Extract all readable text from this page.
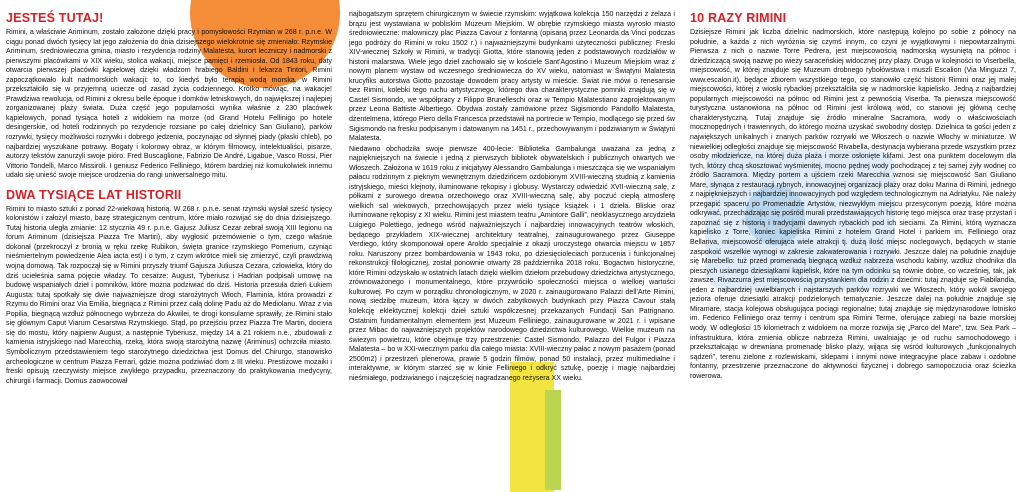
JESTEŚ TUTAJ!

Rimini, a właściwie Ariminum, zostało założone dzięki pracy i pomysłowości Rzymian w 268 r. p.n.e. W ciągu ponad dwóch tysięcy lat jego założenia do dnia dzisiejszego wielokrotnie się zmieniało: Rzymskie Ariminum, średniowieczna gmina, miasto i rezydencja rodziny Malatesta, kurort leczniczy i nadmorski z pierwszymi placówkami w XIX wieku, stolica wakacji, miejsce pamięci i rzemiosła. Od 1843 roku, daty otwarcia pierwszej placówki kąpielowej dzięki władzom hrabiego Baldini i lekarza Tintori, Rimini zapoczątkowało kult nadmorskich wakacji: to, co kiedyś było terapią wodą morską, w Rimini przekształciło się w przyjemną uciecze od zasad życia codziennego. Krótko mówiąc, na wakacje! Prawdziwa rewolucja, od Rimini z okresu belle époque i domków letniskowych, do największej i najlepiej zorganizowanej plaży świata. Duża część jego popularności wynika właśnie z 230 placówek kąpielowych, ponad tysiąca hoteli z widokiem na morze (od Grand Hotelu Fellinigo po hotele desingerskie, od hoteli rodzinnych po rezydencje rozsiane po całej dzielnicy San Giuliano), parków rozrywki, tysięcy możliwości rozrywki i dobrego jedzenia, poczynając od słynnej piady (płaski chleb), po najbardziej wyszukane potrawy. Bogaty i kolorowy obraz, w którym filmowcy, intelektualiści, pisarze, autorzy tekstów zanurzyli swoje pióro. Fred Buscaglione, Fabrizio De André, Ligabue, Vasco Rossi, Pier Vittorio Tondelli, Marco Missiroli. I geniusz Federico Felliniego, którem bardziej niż komukolwiek innemu udało się unieść swoje miejsce urodzenia do rangi uniwersalnego mitu.

DWA TYSIĄCE LAT HISTORII

Rimini to miasto sztuki z ponad 22-wiekową historią. W 268 r. p.n.e. senat rzymski wysłał sześć tysięcy kolonistów i założył miasto, bazę strategicznym centrum, które miało rozwijać się do dnia dzisiejszego. Tutaj historia uległa zmianie: 12 stycznia 49 r. p.n.e. Gajusz Juliusz Cezar zebrał swoją XIII legionu na forum Ariminum (dzisiejsza Piazza Tre Martiri), aby wygłosić przemówienie o tym, czego właśnie dokonał (przekroczył z bronią w ręku rzekę Rubikon, święta granice rzymskiego Pomerium, czyniąc nieśmiertelnym powiedzenie Alea iacta est) i o tym, z czym wkrótce mieli się zmierzyć, czyli prawdziwą wojną domową. Tak rozpoczął się w Rimini przyszły triumf Gajusza Juliusza Cezara, człowieka, który do dziś uciełeśnia sama pojęcie władzy. To cesarze: August, Tyberiusz i Hadrian podpisali umowę na budowę wspaniałych dzieł i pomników, które można podziwiać do dziś. Historia przesuła dzień Łukiem Augusta: tutaj spotkały się dwie najważniejsze drogi starożytnych Włoch, Flaminia, która prowadzi z Rzymu do Rimini oraz Via Emilia, biegnąca z Rimini przez całą dolinę Padu aż do Mediolanu. Wraz z via Popilia, biegnącą wzdłuż północnego wybrzeża do Akwilei, te drogi konsularne sprawiły, że Rimini stało się głównym Caput Viarum Cesarstwa Rzymskiego. Stąd, po przejściu przez Piazza Tre Martiri, dociera się do mostu, który najpierw August, a następnie Tyberiusz, między 14 a 21 rokiem n.e., zbudowali z kamienia istryjskiego nad Marecchią, rzeką, która swoją starożytną nazwę (Ariminus) ochrzciła miasto. Symbolicznym przedstawieniem tego starożytnego dziedzictwa jest Domus del Chirurgo, stanowisko archeologiczne w centrum Piazza Ferrari, gdzie można podziwiać dom z III wieku. Prestiżowe mozaiki i freski opisują rzeczywisty miejsce zwykłego przypadku, przeznaczony do praktykowania medycyny, chirurgii i farmacji. Domus zaowocował

najbogatszym sprzętem chirurgicznym w świecie rzymskim: wyjątkowa kolekcja 150 narzędzi z żelaza i brązu jest wystawiana w pobliskim Muzeum Miejskim. W obrębie rzymskiego miasta wyrosło miasto średniowieczne: malowniczy plac Piazza Cavour z fontanną (opisaną przez Leonarda da Vinci podczas jego podróży do Rimini w roku 1502 r.) i najważniejszymi budynkami użyteczności publicznej: Freski XIV-wiecznej Szkoły w Rimini, w tradycji Giotta, które stanowią jeden z podstawowych rozdziałów w historii malarstwa. Wiele jego dzieł zachowało się w kościele Sant'Agostino i Muzeum Miejskim wraz z nowym planem wystaw od wczesnego średniowiecza do XV wieku, natomiast w Świątyni Malatesta krucyfiks autorstwa Giotto pozostaje dowodem pracy artysty w mieście. Świat nie mówi o renesansie bez Rimini, kolebki tego ruchu artystycznego, którego dwa charakterystyczne pomniki znajdują się w Castel Sismondo, we współpracy z Filippo Brunelleschi oraz w Tempio Malatestiano zaprojektowanym przez Leona Battiste Albertiego. Obydwa zostały zamówione przez Sigismondo Pandolfo Malatesta, dżentelmena, którego Piero della Francesca przedstawił na portrecie w Tempio, modlącego się przed św Sigismondo na fresku podpisanym i datowanym na 1451 r., przechowywanym i podziwianym w Świątyni Malatesta.

Niedawno obchodziła swoje pierwsze 400-lecie: Biblioteka Gambalunga uważana za jedną z najpiękniejszych na świecie i jedną z pierwszych bibliotek obywatelskich i publicznych otwartych we Włoszech. Założona w 1619 roku z inicjatywy Alessandro Gambalunga i mieszcząca się we wspaniałym pałacu rodzinnym z pięknym wewnętrznym dziedzińcem ozdobionym XVIII-wieczną studnią z kamienia istryjskiego, mieści klejnoty, iluminowane rękopisy i globusy. Wystarczy odwiedzić XVII-wieczną salę, z półkami z surowego drewna orzechowego oraz XVIII-wieczną salę, aby poczuć ciepłą atmosferę wielkich sal wiekowych, przechowujących przez wieki tysiące książek i 1 dzieła. Bliskie oraz iluminowane rękopisy z XI wieku. Rimini jest miastem teatru „Amintore Galli”, neoklasycznego arcydzieła Luigiego Polettiego, jednego wśród najważniejszych i najbardziej innowacyjnych teatrów włoskich, będącego przykładem XIX-wiecznej architektury teatralnej, zainaugurowanego przez Giuseppe Verdiego, który skomponował opere Aroldo specjalnie z okazji uroczystego otwarcia miejscu w 1857 roku. Naruszony przez bombardowania w 1943 roku, po dziesięcioleciach porzucenia i funkcjonalnej rekonstrukcji filologicznej, został ponownie otwarty 28 października 2018 roku. Bogactwo historyczne, które Rimini odzyskało w ostatnich latach dzięki wielkim dziełom przebudowy dziedzictwa artystycznego, zrównoważonego i monumentalnego, które przywróciło społeczności miejsca o wielkiej wartości kulturowej. Po czym w porządku chronologicznym, w 2020 r. zainaugurowano Palazzi dell'Arte Rimini, nową siedzibę muzeum, która łączy w dwóch zabytkowych budynkach przy Piazza Cavour stałą kolekcję eklektycznej kolekcji dzieł sztuki współczesnej przekazanych Fundacji San Patrignano. Ostatnim fundamentalnym elementem jest Muzeum Felliniego, zainaugurowane w 2021 r. i wpisane przez Mibac do najważniejszych projektów narodowego dziedzictwa kulturowego. Wielkie muzeum na świeżym powietrzu, które obejmuje trzy przestrzenie: Castel Sismondo, Palazzo del Fulgor i Piazza Malatesta – bo w XXI-wiecznym parku dla całego miasta: XVIII-wieczny pałac z nowym pasażem (ponad 2500m2) i przestrzeń plenerowa, prawie 5 godzin filmów, ponad 50 instalacji, przez multimedialne i interaktywne, w którym starzeć się w kinie Felliniego i odkryć sztukę, poezję i magię najbardziej nieśmiałego, podziwianego i najczęściej nagradzanego reżysera XX wieku.

10 RAZY RIMINI

Dzisiejsze Rimini jak liczba dzielnic nadmorskich, które następują kolejno po sobie z północy na południe, a każda z nich wyróżnia się czymś innym, co czyni je wyjątkowymi i niepowtarzalnymi. Pierwsza z nich o nazwie Torre Pedrera, jest miejscowością nadmorską wysuniętą na północ i dziedziczącą swoją nazwę po wieży saraceńskiej widocznej przy plaży. Druga w kolejności to Viserbella, miejscowość, w której znajduje się Muzeum drobnego rybołówstwa i muszli Escalion (Via Minguzzi 7, www.escalon.it), będące zbiorem wszystkiego tego, co stanowiło część historii Rimini oraz jej małej miejscowości, której z wioski rybackiej przekształciła się w nadmorskie kąpielisko. Jedną z najbardziej popularnych miejscowości na północ od Rimini jest z pewnością Viserba. Ta pierwsza miejscowość turystyczna ustanowiona na północ od Rimini jest królową wód, co stanowi jej główną cechę charakterystyczną. Tutaj znajduje się źródło mineralne Sacramora, wody o właściwościach mocznopędnych i trawiennych, do którego można uzyskać swobodny dostęp. Dzielnica ta gości jeden z największych unikalnych i znanych parków rozrywki we Włoszech o nazwie Włochy w miniaturze. W niewielkiej odległości znajduje się miejscowość Rivabella, destynacja wybierana przede wszystkim przez osoby młodzieńcze, na której duża plaża i morze osłonięte klifami. Jest ona punktem docelowym dla tych, którzy chcą skosztować wyśmienitej, mocno pędnej wody pochodzącej z tej samej żyły wodnej co źródło Sacramora. Między portem a ujściem rzeki Marecchia wznosi się miejscowość San Giuliano Mare, słynąca z restauracji rybnych, innowacyjnej organizacji plaży oraz doku Marina di Rimini, jednego z najpiękniejszych i najbardziej innowacyjnych pod względem technologicznym na Adriatyku. Nie należy przegapić spaceru po Promenadzie Artystów, niezwykłym miejscu przesyconym poezją, które można odkrywać, przechadzając się pośród murali przedstawiających historię tego miejsca oraz trasę przystań i zapoznać się z historią i tradycjami dawnych rybackich pod ich sieciami. Za Rimini, którą wyznacza kąpielisko z Torre, koniec kąpieliska Rimini z hotelem Grand Hotel i parkiem im. Felliniego oraz Bellariva, miejscowość oferująca wiele atrakcji tj. dużą ilość miejsc noclegowych, będących w stanie zaspokoić wszelkie wymogi w zakresie zakwaterowania i rozrywki. Jeszcze dalej na południe znajduje się Marebello: tuż przed promenadą biegnącą wzdłuż nabrzeża wschodu kabiny, wzdłuż chodnika dla pieszych usianego dziesiątkami kąpielisk, które na tym odcinku są równie dobre, co wcześniej, tak, jak zawsze. Rivazzurra jest miejscowością przystankiem dla rodzin z dziećmi: tutaj znajduje się Fiabilandia, jeden z najbardziej uwielbianych i najstarszych parków rozrywki we Włoszech, który wokół swojego jeziora oferuje dziesiątki atrakcji podzielonych tematycznie. Jeszcze dalej na południe znajduje się Miramare, stacja kolejowa obsługująca pociągi regionalne; tutaj znajduje się międzynarodowe lotnisko im. Federico Felliniego oraz termy i centrum spa Rimini Terme, oferujące zabiegi na bazie morskiej wody. W odległości 15 kilometrach z widokiem na morze rozwija się „Parco del Mare”, tzw. Sea Park – infrastruktura, która zmienia oblicze nabrzeża Rimini, uwalniając je od ruchu samochodowego i przekształcając w drewniana promenadę blisko plaży, wijąca się wśród kulturowych „funkcjonalnych sądzeń”, terenu zielone z rozlewiskami, sklepami i innymi nowe integracyjne place zabaw i ozdobne fontanny, przestrzenie przeznaczone do aktywności fizycznej i dobrego samopoczucia oraz ścieżka rowerowa.
